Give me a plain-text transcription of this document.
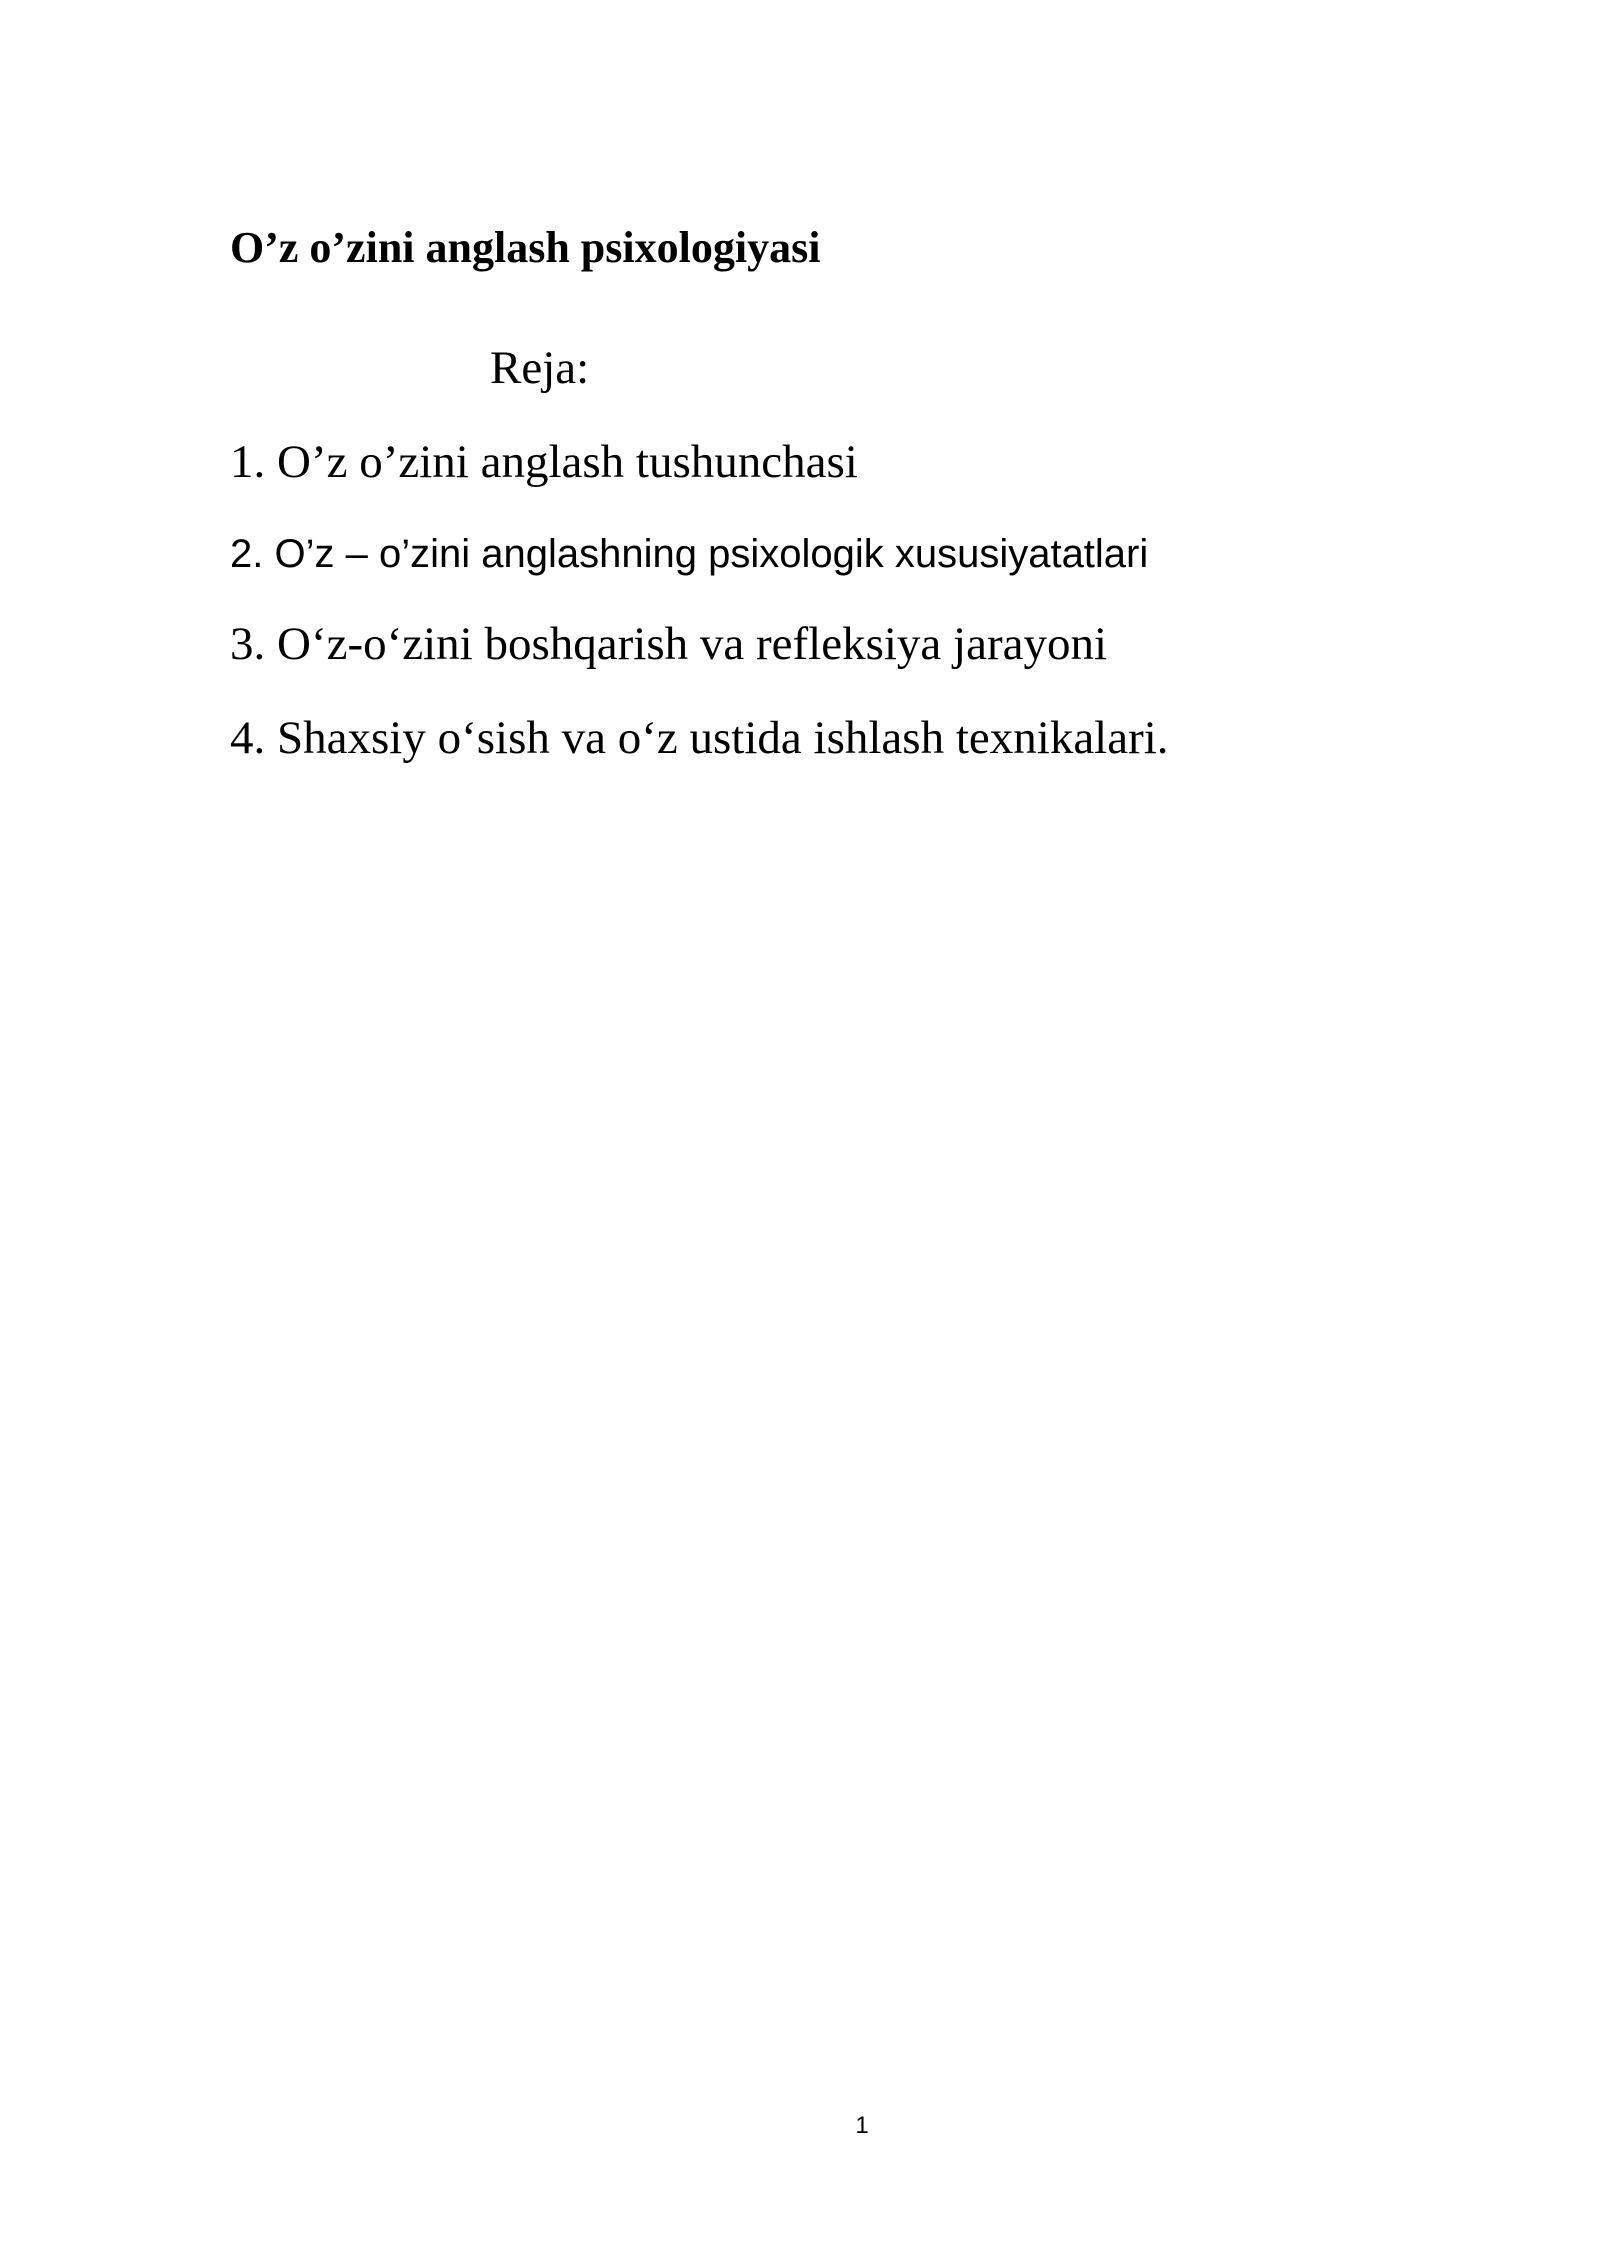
O’z o’zini anglash psixologiyasi
Reja:
1. O’z o’zini anglash tushunchasi
2. O’z – o’zini anglashning psixologik xususiyatatlari
3. O‘z-o‘zini boshqarish va refleksiya jarayoni
4. Shaxsiy o‘sish va o‘z ustida ishlash texnikalari.
1
